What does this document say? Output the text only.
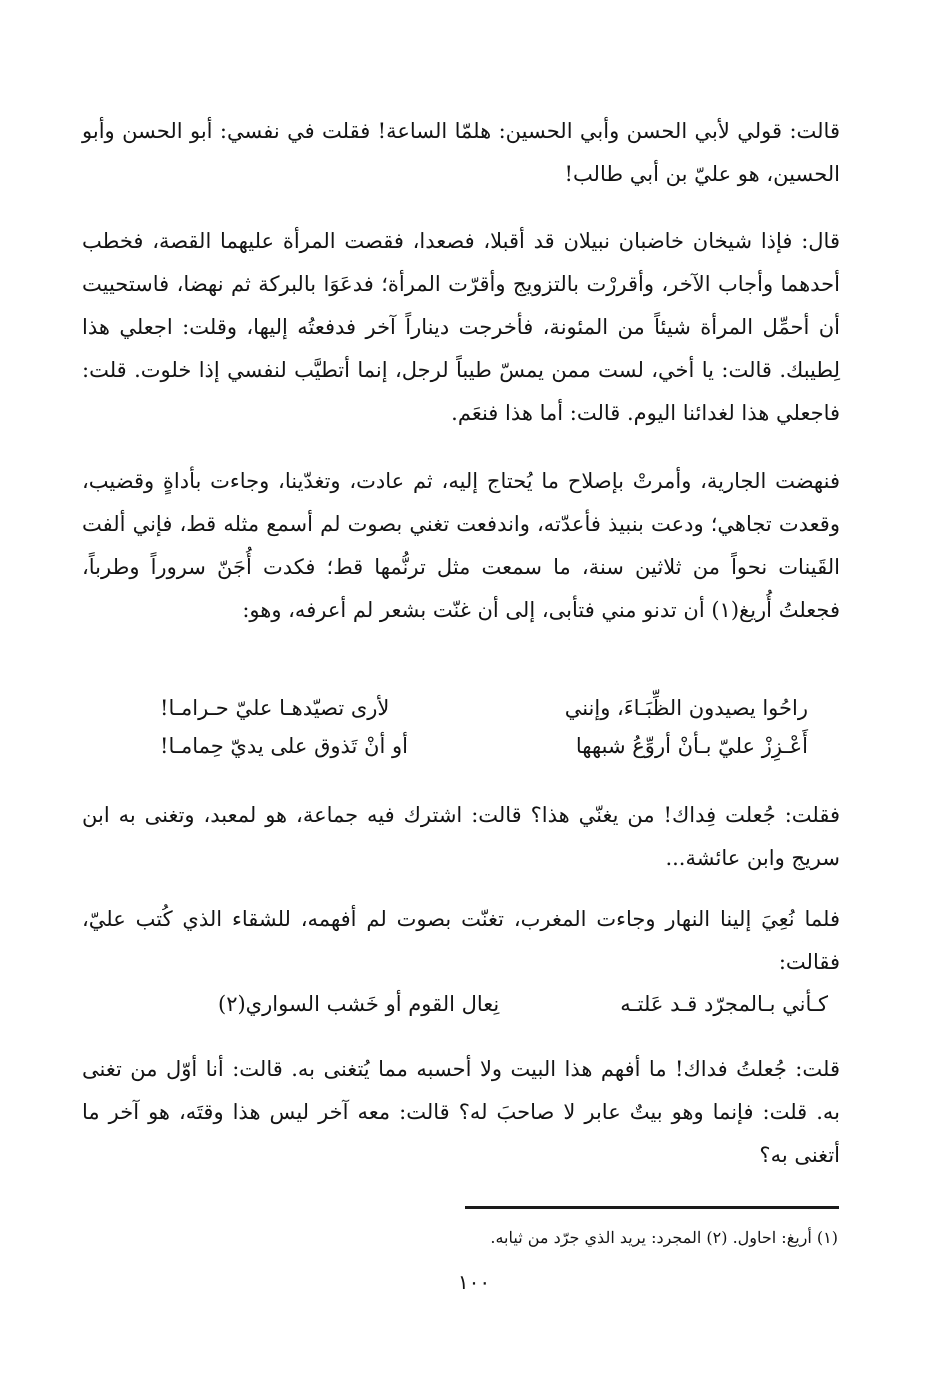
قالت: قولي لأبي الحسن وأبي الحسين: هلمّا الساعة! فقلت في نفسي: أبو الحسن وأبو الحسين، هو عليّ بن أبي طالب!

قال: فإذا شيخان خاضبان نبيلان قد أقبلا، فصعدا، فقصت المرأة عليهما القصة، فخطب أحدهما وأجاب الآخر، وأقررْت بالتزويج وأقرّت المرأة؛ فدعَوَا بالبركة ثم نهضا، فاستحييت أن أحمِّل المرأة شيئاً من المئونة، فأخرجت ديناراً آخر فدفعتُه إليها، وقلت: اجعلي هذا لِطيبك. قالت: يا أخي، لست ممن يمسّ طيباً لرجل، إنما أتطيَّب لنفسي إذا خلوت. قلت: فاجعلي هذا لغدائنا اليوم. قالت: أما هذا فنعَم.

فنهضت الجارية، وأمرتْ بإصلاح ما يُحتاج إليه، ثم عادت، وتغدّينا، وجاءت بأداةٍ وقضيب، وقعدت تجاهي؛ ودعت بنبيذ فأعدّته، واندفعت تغني بصوت لم أسمع مثله قط، فإني ألفت القَينات نحواً من ثلاثين سنة، ما سمعت مثل ترنُّمها قط؛ فكدت أُجَنّ سروراً وطرباً، فجعلتُ أُريغ(١) أن تدنو مني فتأبى، إلى أن غنّت بشعر لم أعرفه، وهو:

راحُوا يصيدون الظِّبَـاءَ، وإنني
لأرى تصيّدهـا عليّ حـرامـا!
أَعْـزِزْ عليّ بـأنْ أروِّعُ شبهها
أو أنْ تَذوق على يديّ حِمامـا!

فقلت: جُعلت فِداك! من يغنّي هذا؟ قالت: اشترك فيه جماعة، هو لمعبد، وتغنى به ابن سريج وابن عائشة...

فلما نُعِيَ إلينا النهار وجاءت المغرب، تغنّت بصوت لم أفهمه، للشقاء الذي كُتب عليّ، فقالت:

كـأني بـالمجرّد قـد عَلتـه
نِعال القوم أو خَشب السواري(٢)

قلت: جُعلتُ فداك! ما أفهم هذا البيت ولا أحسبه مما يُتغنى به. قالت: أنا أوّل من تغنى به. قلت: فإنما وهو بيتٌ عابر لا صاحبَ له؟ قالت: معه آخر ليس هذا وقتَه، هو آخر ما أتغنى به؟

(١) أريغ: احاول. (٢) المجرد: يريد الذي جرّد من ثيابه.
١٠٠
